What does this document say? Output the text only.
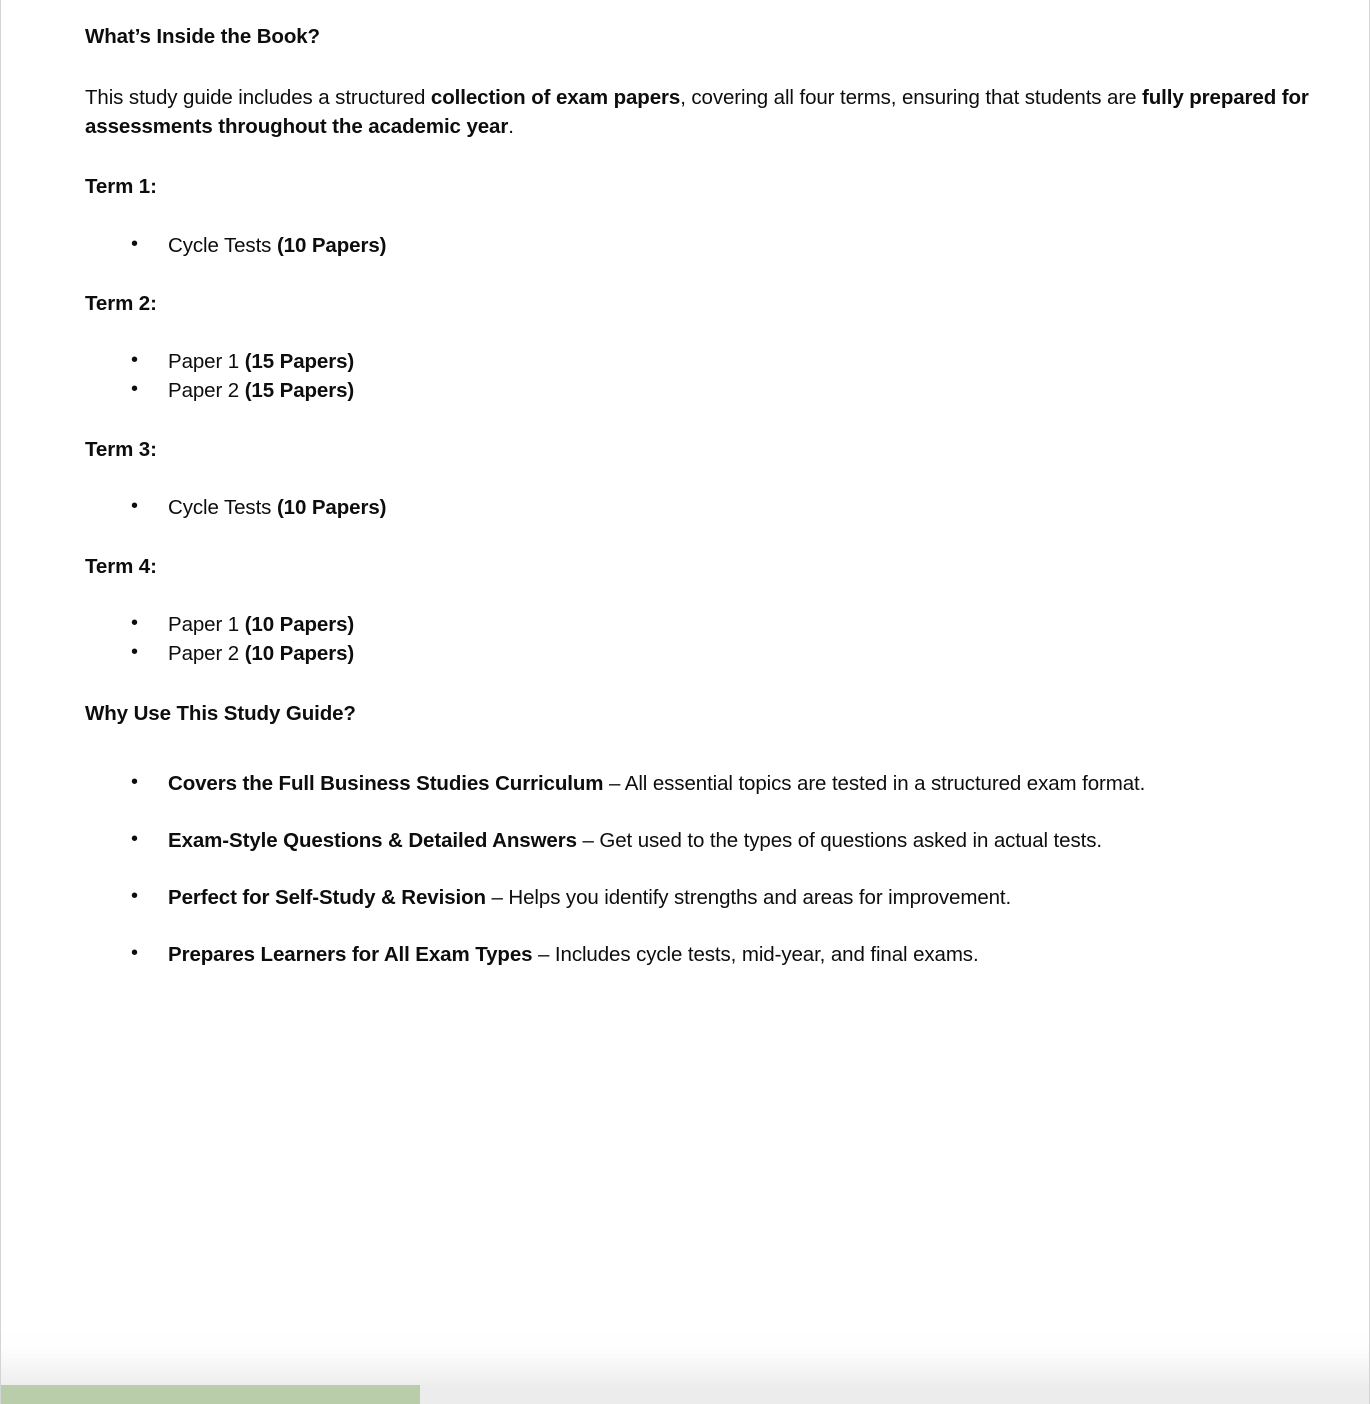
What’s Inside the Book?

This study guide includes a structured collection of exam papers, covering all four terms, ensuring that students are fully prepared for assessments throughout the academic year.

Term 1:
• Cycle Tests (10 Papers)
Term 2:
• Paper 1 (15 Papers)
• Paper 2 (15 Papers)
Term 3:
• Cycle Tests (10 Papers)
Term 4:
• Paper 1 (10 Papers)
• Paper 2 (10 Papers)
Why Use This Study Guide?
• Covers the Full Business Studies Curriculum – All essential topics are tested in a structured exam format.
• Exam-Style Questions & Detailed Answers – Get used to the types of questions asked in actual tests.
• Perfect for Self-Study & Revision – Helps you identify strengths and areas for improvement.
• Prepares Learners for All Exam Types – Includes cycle tests, mid-year, and final exams.
